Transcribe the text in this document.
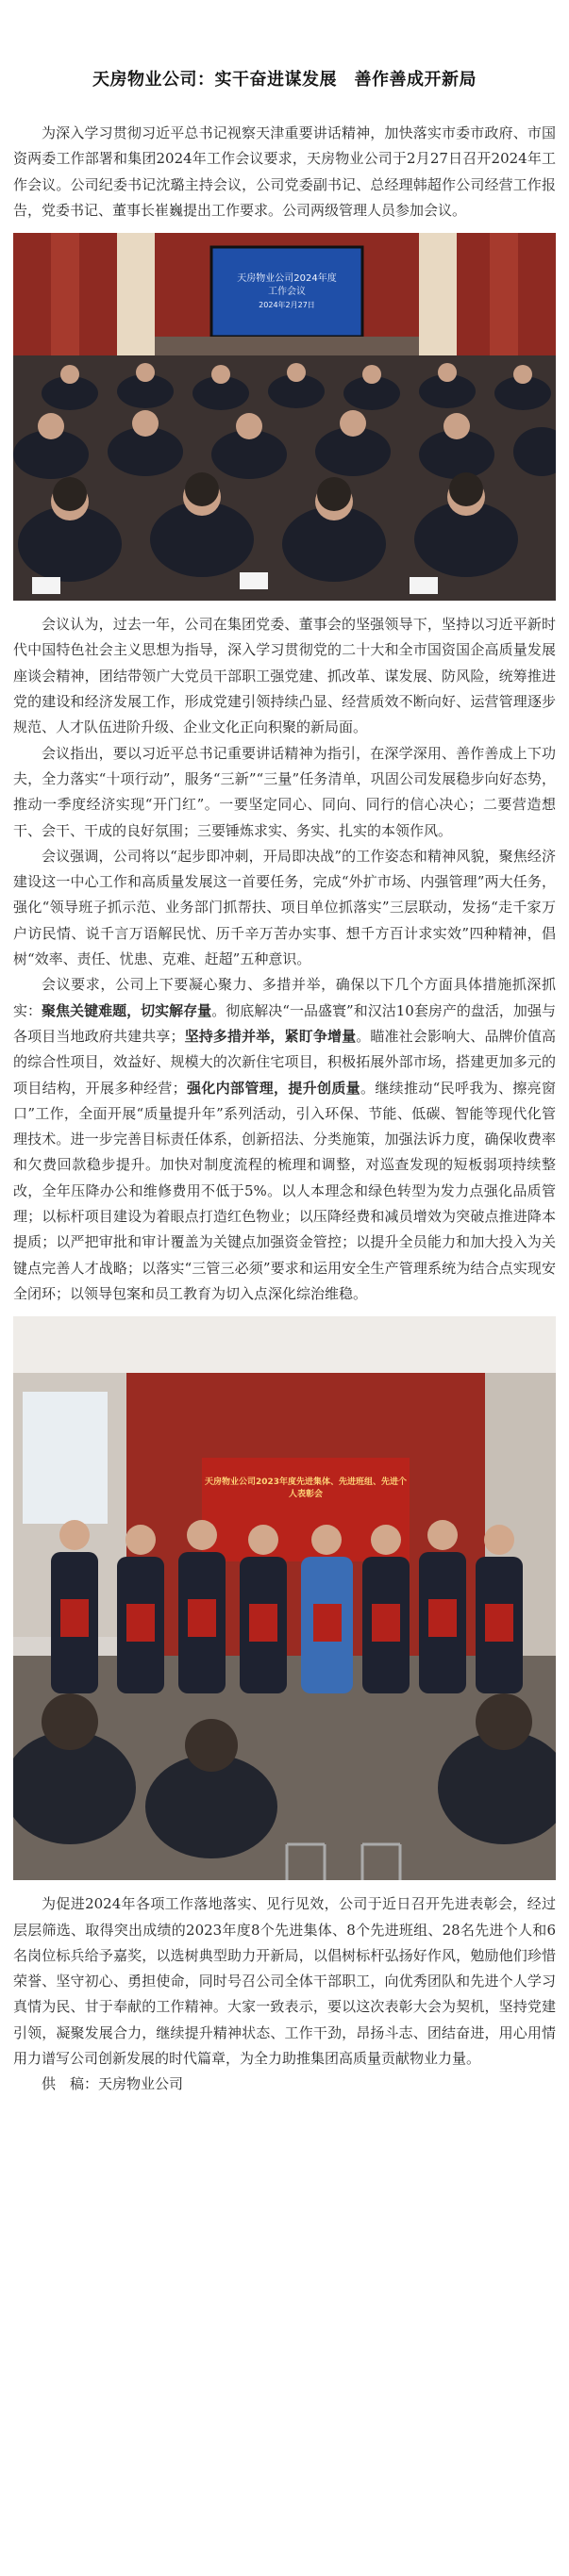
天房物业公司：实干奋进谋发展　善作善成开新局

为深入学习贯彻习近平总书记视察天津重要讲话精神，加快落实市委市政府、市国资两委工作部署和集团2024年工作会议要求，天房物业公司于2月27日召开2024年工作会议。公司纪委书记沈璐主持会议，公司党委副书记、总经理韩超作公司经营工作报告，党委书记、董事长崔巍提出工作要求。公司两级管理人员参加会议。

天房物业公司2024年度
工作会议
2024年2月27日

会议认为，过去一年，公司在集团党委、董事会的坚强领导下，坚持以习近平新时代中国特色社会主义思想为指导，深入学习贯彻党的二十大和全市国资国企高质量发展座谈会精神，团结带领广大党员干部职工强党建、抓改革、谋发展、防风险，统筹推进党的建设和经济发展工作，形成党建引领持续凸显、经营质效不断向好、运营管理逐步规范、人才队伍进阶升级、企业文化正向积聚的新局面。

会议指出，要以习近平总书记重要讲话精神为指引，在深学深用、善作善成上下功夫，全力落实“十项行动”，服务“三新”“三量”任务清单，巩固公司发展稳步向好态势，推动一季度经济实现“开门红”。一要坚定同心、同向、同行的信心决心；二要营造想干、会干、干成的良好氛围；三要锤炼求实、务实、扎实的本领作风。

会议强调，公司将以“起步即冲刺，开局即决战”的工作姿态和精神风貌，聚焦经济建设这一中心工作和高质量发展这一首要任务，完成“外扩市场、内强管理”两大任务，强化“领导班子抓示范、业务部门抓帮扶、项目单位抓落实”三层联动，发扬“走千家万户访民情、说千言万语解民忧、历千辛万苦办实事、想千方百计求实效”四种精神，倡树“效率、责任、忧患、克难、赶超”五种意识。

会议要求，公司上下要凝心聚力、多措并举，确保以下几个方面具体措施抓深抓实：聚焦关键难题，切实解存量。彻底解决“一品盛寰”和汉沽10套房产的盘活，加强与各项目当地政府共建共享；坚持多措并举，紧盯争增量。瞄准社会影响大、品牌价值高的综合性项目，效益好、规模大的次新住宅项目，积极拓展外部市场，搭建更加多元的项目结构，开展多种经营；强化内部管理，提升创质量。继续推动“民呼我为、擦亮窗口”工作，全面开展“质量提升年”系列活动，引入环保、节能、低碳、智能等现代化管理技术。进一步完善目标责任体系，创新招法、分类施策，加强法诉力度，确保收费率和欠费回款稳步提升。加快对制度流程的梳理和调整，对巡查发现的短板弱项持续整改，全年压降办公和维修费用不低于5%。以人本理念和绿色转型为发力点强化品质管理；以标杆项目建设为着眼点打造红色物业；以压降经费和减员增效为突破点推进降本提质；以严把审批和审计覆盖为关键点加强资金管控；以提升全员能力和加大投入为关键点完善人才战略；以落实“三管三必须”要求和运用安全生产管理系统为结合点实现安全闭环；以领导包案和员工教育为切入点深化综治维稳。

天房物业公司2023年度先进集体、先进班组、先进个人表彰会

为促进2024年各项工作落地落实、见行见效，公司于近日召开先进表彰会，经过层层筛选、取得突出成绩的2023年度8个先进集体、8个先进班组、28名先进个人和6名岗位标兵给予嘉奖，以选树典型助力开新局，以倡树标杆弘扬好作风，勉励他们珍惜荣誉、坚守初心、勇担使命，同时号召公司全体干部职工，向优秀团队和先进个人学习真情为民、甘于奉献的工作精神。大家一致表示，要以这次表彰大会为契机，坚持党建引领，凝聚发展合力，继续提升精神状态、工作干劲，昂扬斗志、团结奋进，用心用情用力谱写公司创新发展的时代篇章，为全力助推集团高质量贡献物业力量。

供　稿：天房物业公司
